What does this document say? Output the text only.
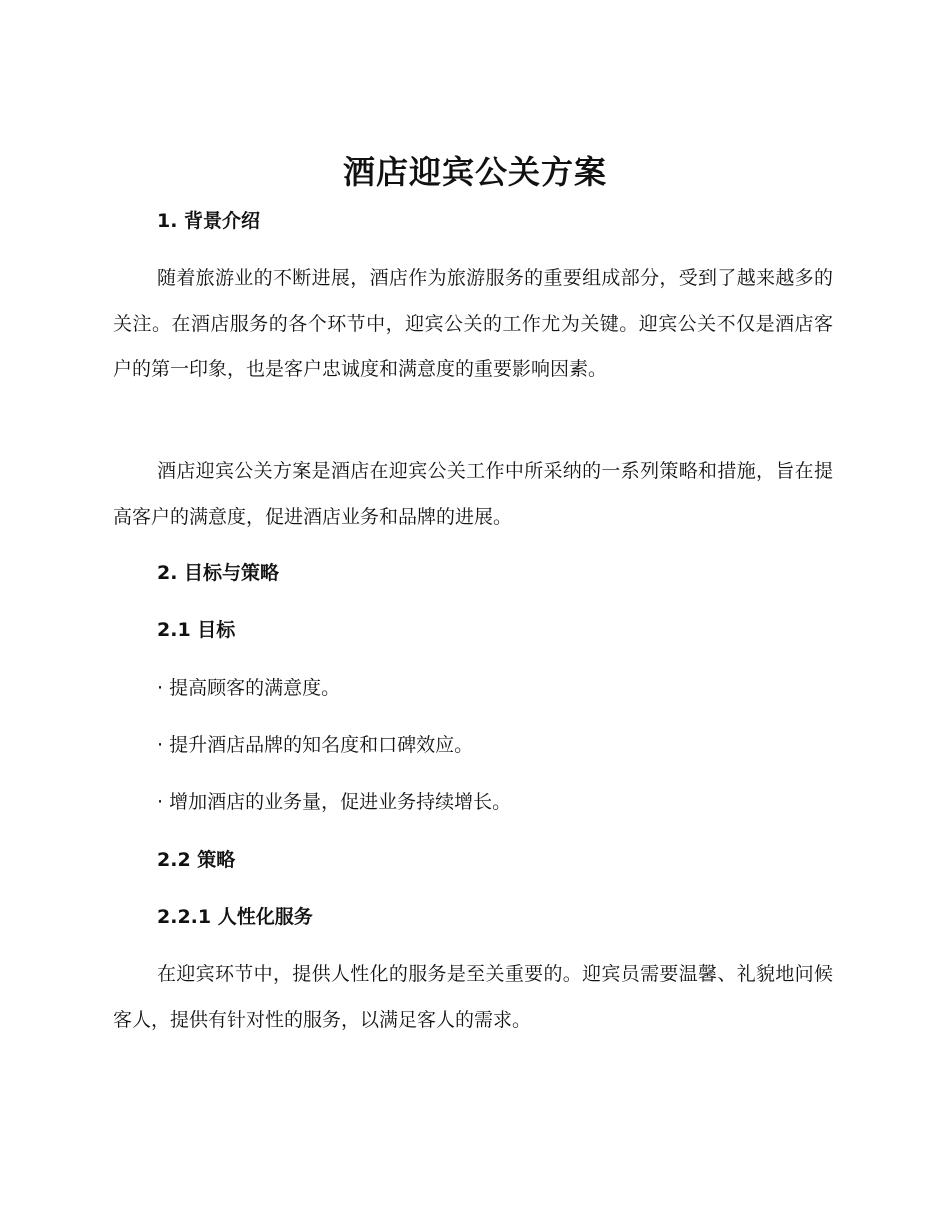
酒店迎宾公关方案
1. 背景介绍

随着旅游业的不断进展，酒店作为旅游服务的重要组成部分，受到了越来越多的关注。在酒店服务的各个环节中，迎宾公关的工作尤为关键。迎宾公关不仅是酒店客户的第一印象，也是客户忠诚度和满意度的重要影响因素。

酒店迎宾公关方案是酒店在迎宾公关工作中所采纳的一系列策略和措施，旨在提高客户的满意度，促进酒店业务和品牌的进展。

2. 目标与策略
2.1 目标
· 提高顾客的满意度。
· 提升酒店品牌的知名度和口碑效应。
· 增加酒店的业务量，促进业务持续增长。
2.2 策略
2.2.1 人性化服务

在迎宾环节中，提供人性化的服务是至关重要的。迎宾员需要温馨、礼貌地问候客人，提供有针对性的服务，以满足客人的需求。
